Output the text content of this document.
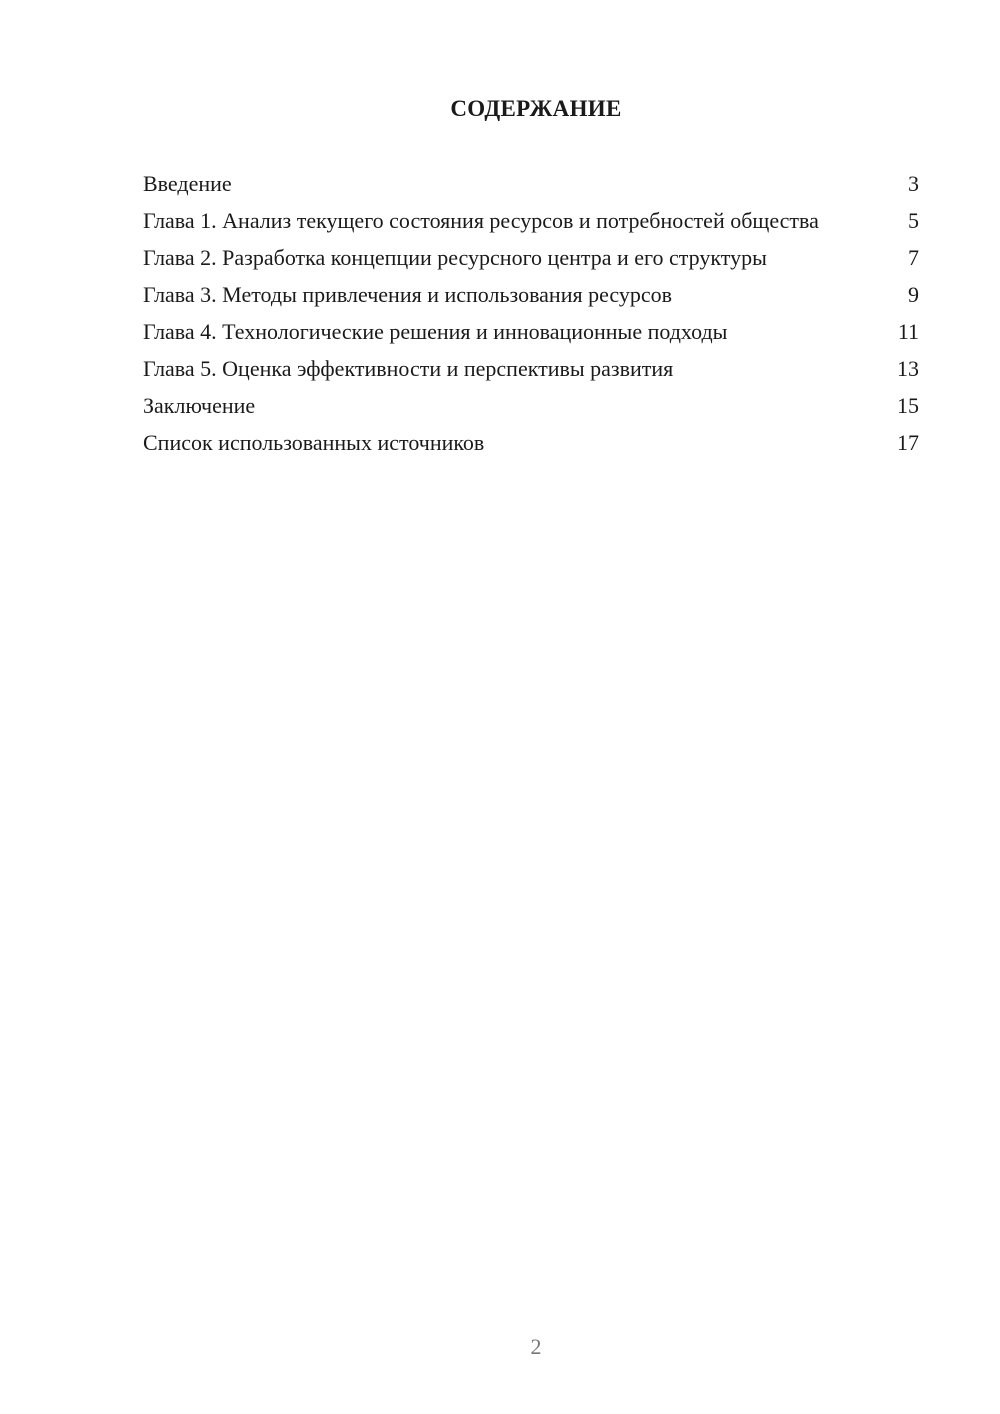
СОДЕРЖАНИЕ
Введение	3
Глава 1. Анализ текущего состояния ресурсов и потребностей общества	5
Глава 2. Разработка концепции ресурсного центра и его структуры	7
Глава 3. Методы привлечения и использования ресурсов	9
Глава 4. Технологические решения и инновационные подходы	11
Глава 5. Оценка эффективности и перспективы развития	13
Заключение	15
Список использованных источников	17
2
